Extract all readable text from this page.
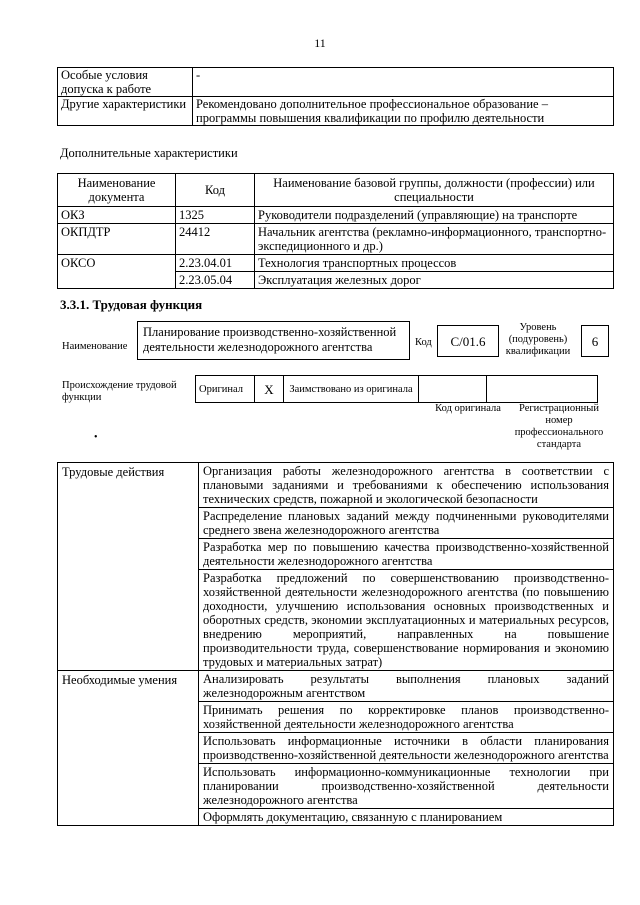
11
Особые условия допуска к работе	-
Другие характеристики	Рекомендовано дополнительное профессиональное образование – программы повышения квалификации по профилю деятельности
Дополнительные характеристики
Наименование документа	Код	Наименование базовой группы, должности (профессии) или специальности
ОКЗ	1325	Руководители подразделений (управляющие) на транспорте
ОКПДТР	24412	Начальник агентства (рекламно-информационного, транспортно-экспедиционного и др.)
ОКСО	2.23.04.01	Технология транспортных процессов
	2.23.05.04	Эксплуатация железных дорог
3.3.1. Трудовая функция
Наименование
Планирование производственно-хозяйственной деятельности железнодорожного агентства	Код	C/01.6
Уровень (подуровень) квалификации
6
Происхождение трудовой функции
Оригинал	X	Заимствовано из оригинала		
Код оригинала	Регистрационный номер профессионального стандарта
•
Трудовые действия	Организация работы железнодорожного агентства в соответствии с плановыми заданиями и требованиями к обеспечению использования технических средств, пожарной и экологической безопасности
	Распределение плановых заданий между подчиненными руководителями среднего звена железнодорожного агентства
	Разработка мер по повышению качества производственно-хозяйственной деятельности железнодорожного агентства
	Разработка предложений по совершенствованию производственно-хозяйственной деятельности железнодорожного агентства (по повышению доходности, улучшению использования основных производственных и оборотных средств, экономии эксплуатационных и материальных ресурсов, внедрению мероприятий, направленных на повышение производительности труда, совершенствование нормирования и экономию трудовых и материальных затрат)
Необходимые умения	Анализировать результаты выполнения плановых заданий железнодорожным агентством
	Принимать решения по корректировке планов производственно-хозяйственной деятельности железнодорожного агентства
	Использовать информационные источники в области планирования производственно-хозяйственной деятельности железнодорожного агентства
	Использовать информационно-коммуникационные технологии при планировании производственно-хозяйственной деятельности железнодорожного агентства
	Оформлять документацию, связанную с планированием
